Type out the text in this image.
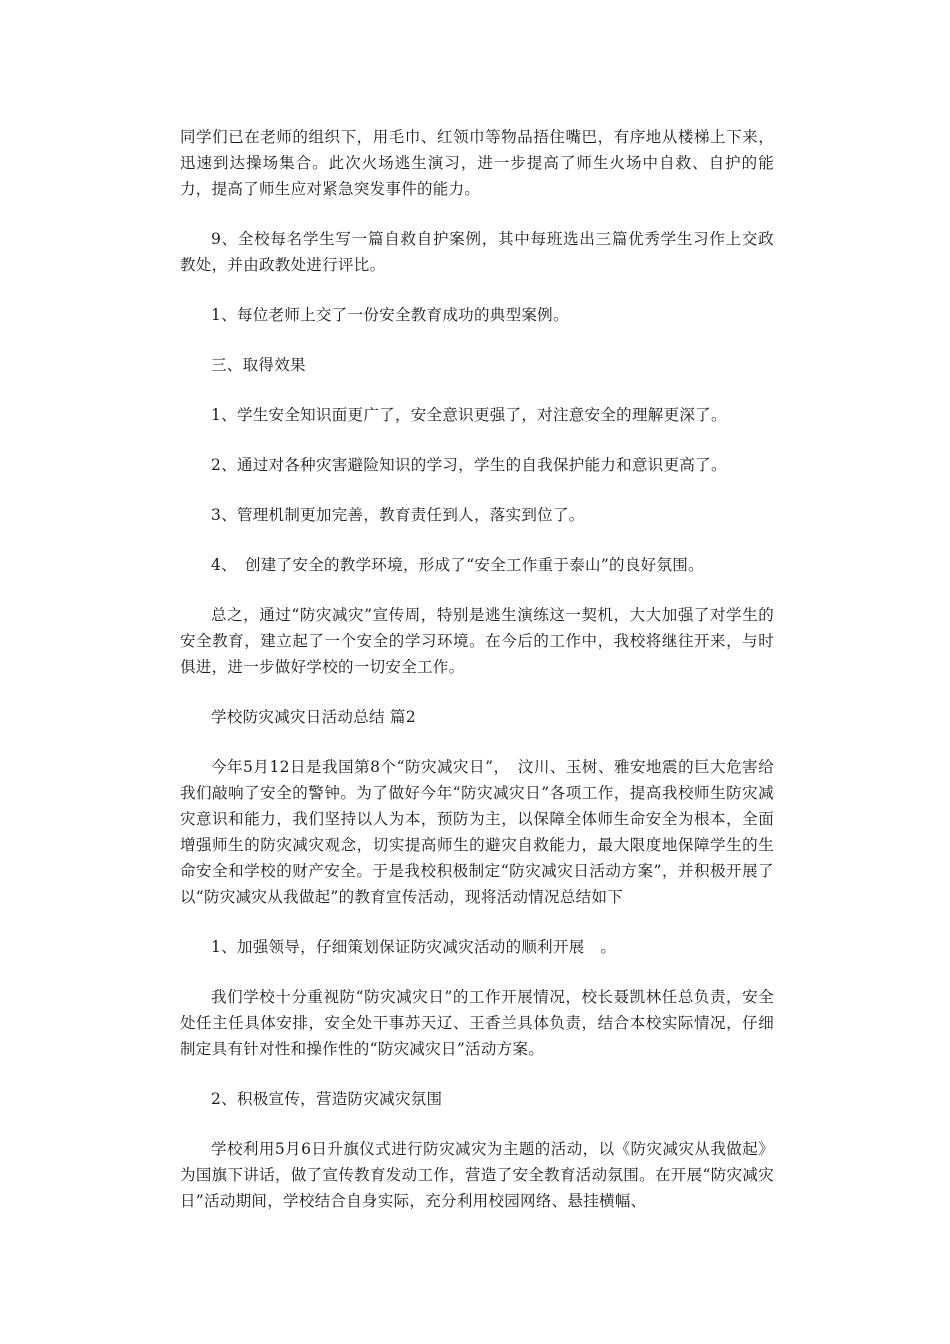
同学们已在老师的组织下，用毛巾、红领巾等物品捂住嘴巴，有序地从楼梯上下来，迅速到达操场集合。此次火场逃生演习，进一步提高了师生火场中自救、自护的能力，提高了师生应对紧急突发事件的能力。

9、全校每名学生写一篇自救自护案例，其中每班选出三篇优秀学生习作上交政教处，并由政教处进行评比。

1、每位老师上交了一份安全教育成功的典型案例。

三、取得效果

1、学生安全知识面更广了，安全意识更强了，对注意安全的理解更深了。

2、通过对各种灾害避险知识的学习，学生的自我保护能力和意识更高了。

3、管理机制更加完善，教育责任到人，落实到位了。

4、　创建了安全的教学环境，形成了“安全工作重于泰山”的良好氛围。

总之，通过“防灾减灾”宣传周，特别是逃生演练这一契机，大大加强了对学生的安全教育，建立起了一个安全的学习环境。在今后的工作中，我校将继往开来，与时俱进，进一步做好学校的一切安全工作。

学校防灾减灾日活动总结 篇2

今年5月12日是我国第8个“防灾减灾日”，　汶川、玉树、雅安地震的巨大危害给我们敲响了安全的警钟。为了做好今年“防灾减灾日”各项工作，提高我校师生防灾减灾意识和能力，我们坚持以人为本，预防为主，以保障全体师生命安全为根本，全面增强师生的防灾减灾观念，切实提高师生的避灾自救能力，最大限度地保障学生的生命安全和学校的财产安全。于是我校积极制定“防灾减灾日活动方案”，并积极开展了以“防灾减灾从我做起”的教育宣传活动，现将活动情况总结如下

1、加强领导，仔细策划保证防灾减灾活动的顺利开展　。

我们学校十分重视防“防灾减灾日”的工作开展情况，校长聂凯林任总负责，安全处任主任具体安排，安全处干事苏天辽、王香兰具体负责，结合本校实际情况，仔细制定具有针对性和操作性的“防灾减灾日”活动方案。

2、积极宣传，营造防灾减灾氛围

学校利用5月6日升旗仪式进行防灾减灾为主题的活动，以《防灾减灾从我做起》为国旗下讲话，做了宣传教育发动工作，营造了安全教育活动氛围。在开展“防灾减灾日”活动期间，学校结合自身实际，充分利用校园网络、悬挂横幅、
